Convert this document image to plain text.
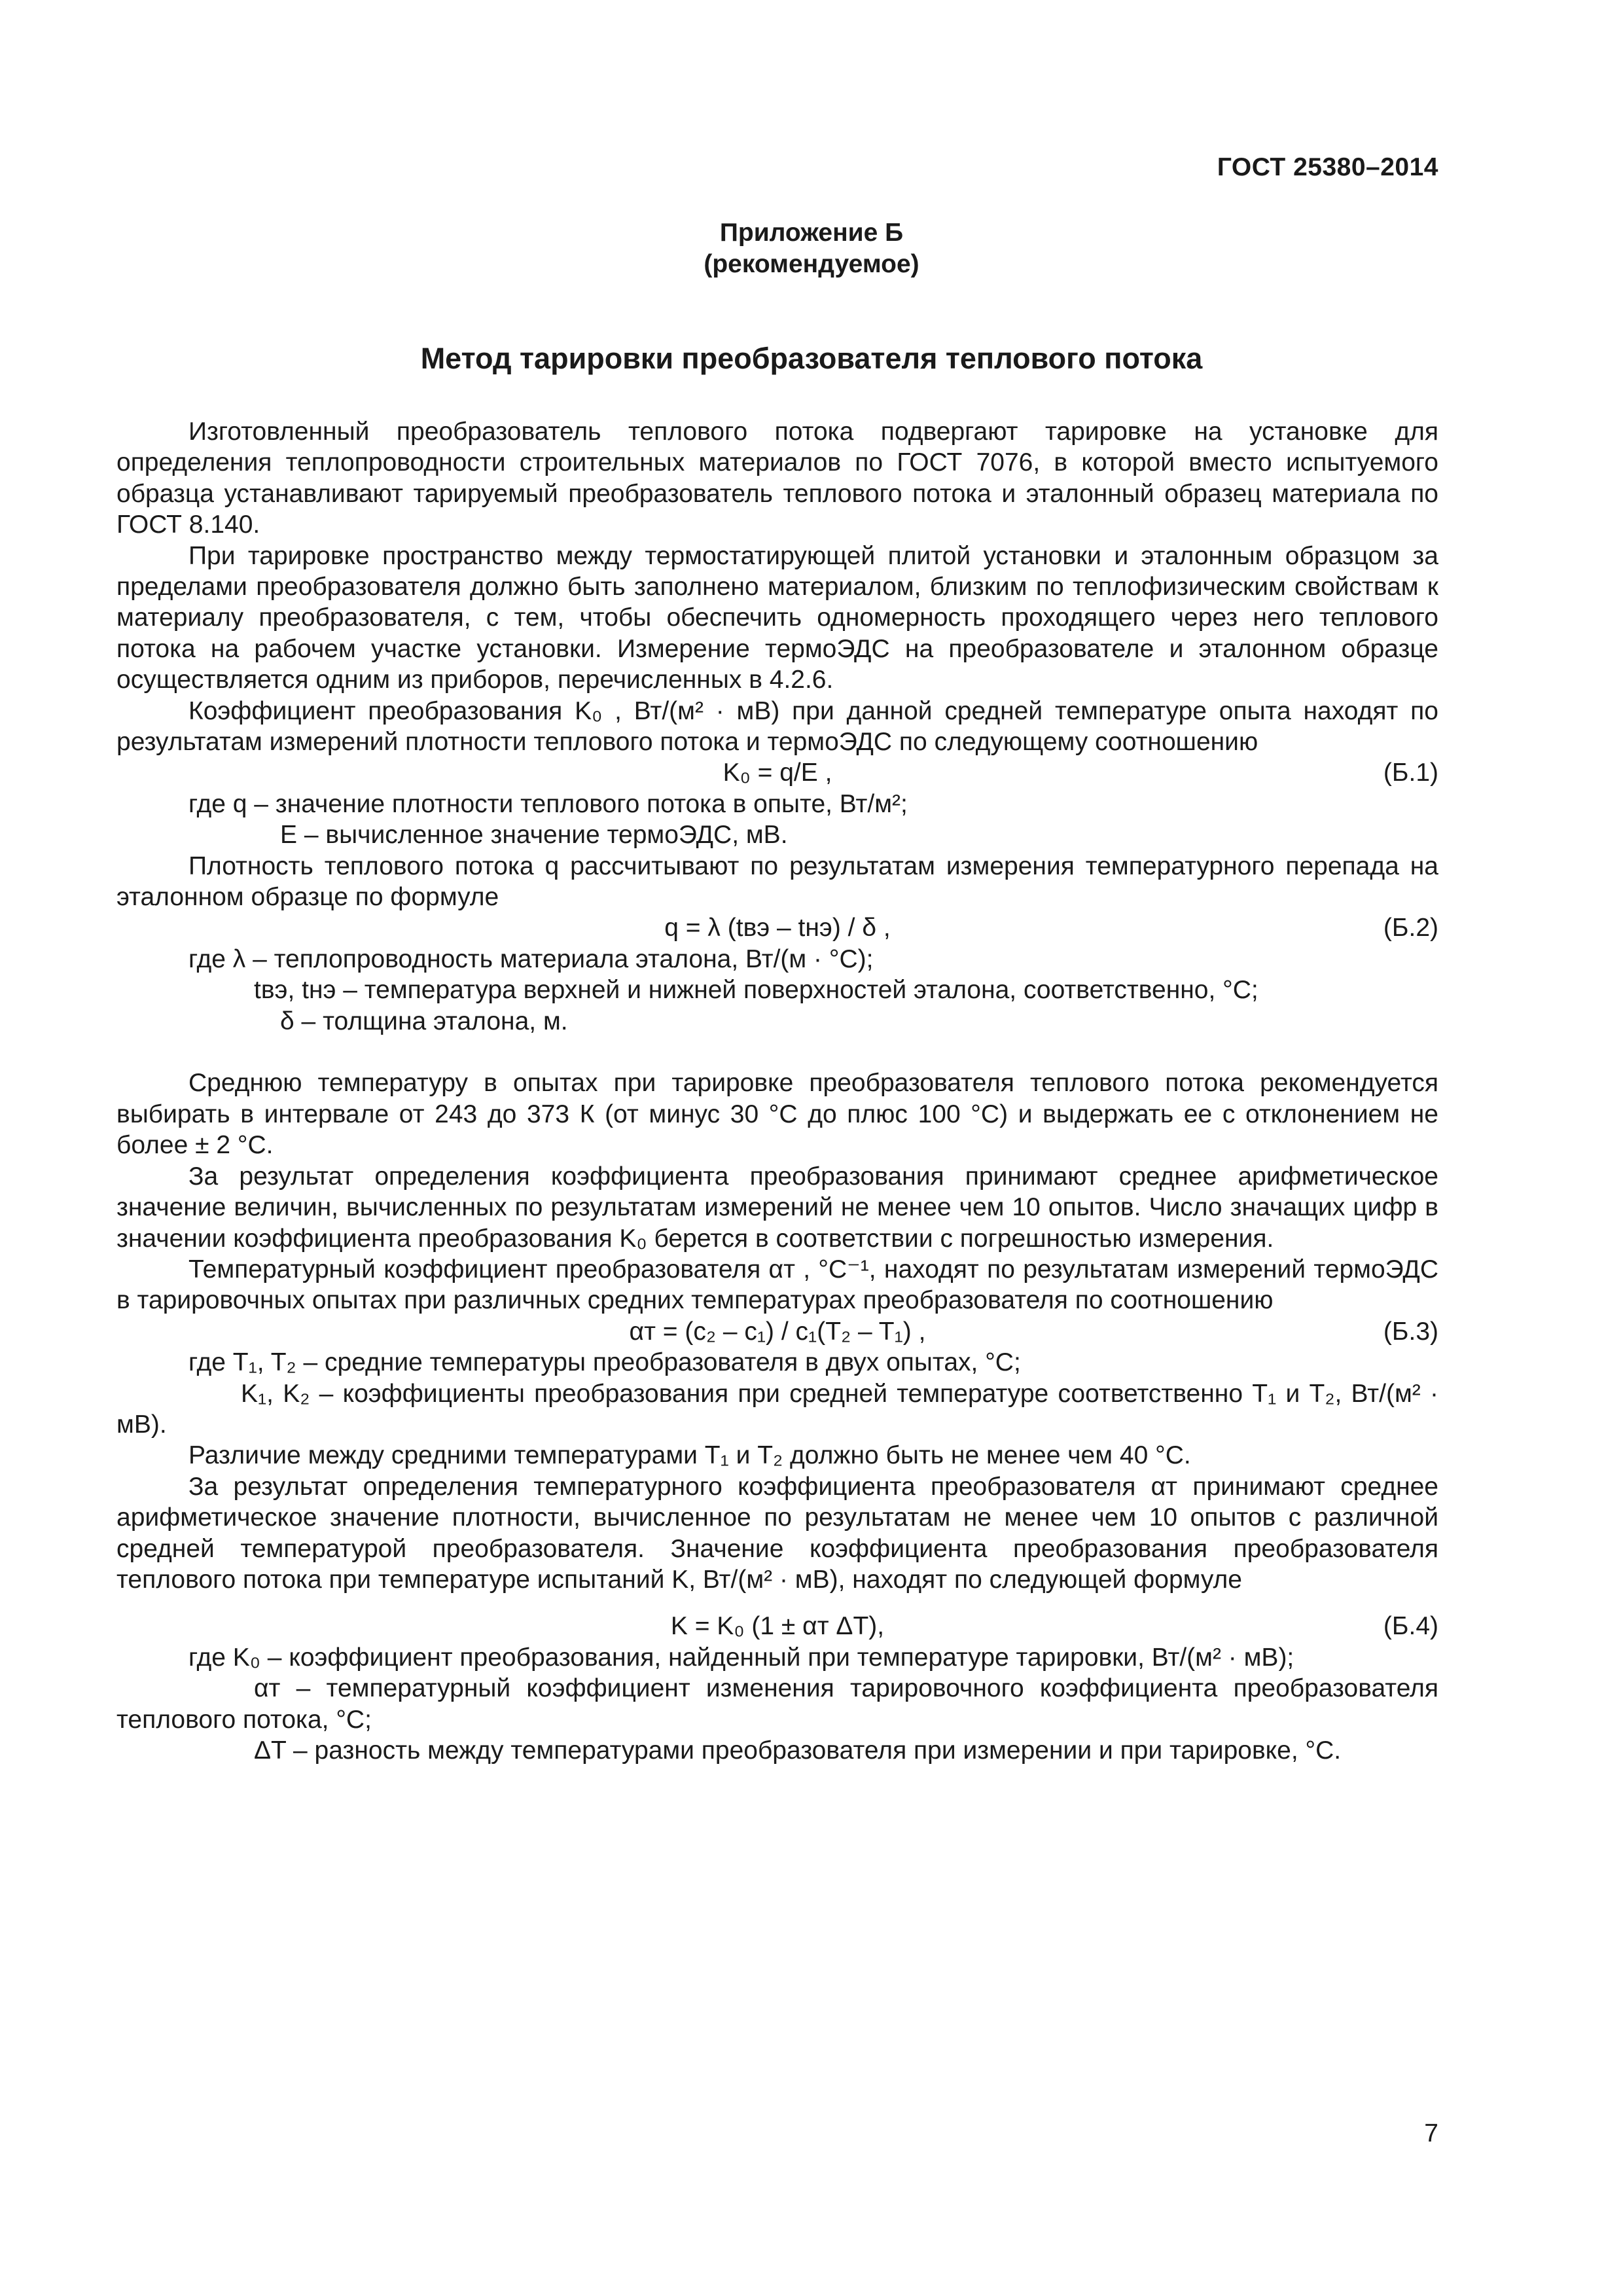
ГОСТ 25380–2014
Приложение Б
(рекомендуемое)
Метод тарировки преобразователя теплового потока

Изготовленный преобразователь теплового потока подвергают тарировке на установке для определения теплопроводности строительных материалов по ГОСТ 7076, в которой вместо испытуемого образца устанавливают тарируемый преобразователь теплового потока и эталонный образец материала по ГОСТ 8.140.

При тарировке пространство между термостатирующей плитой установки и эталонным образцом за пределами преобразователя должно быть заполнено материалом, близким по теплофизическим свойствам к материалу преобразователя, с тем, чтобы обеспечить одномерность проходящего через него теплового потока на рабочем участке установки. Измерение термоЭДС на преобразователе и эталонном образце осуществляется одним из приборов, перечисленных в 4.2.6.

Коэффициент преобразования K₀ , Вт/(м² · мВ) при данной средней температуре опыта находят по результатам измерений плотности теплового потока и термоЭДС по следующему соотношению

K₀ = q/E ,	(Б.1)

где q – значение плотности теплового потока в опыте, Вт/м²;

E – вычисленное значение термоЭДС, мВ.

Плотность теплового потока q рассчитывают по результатам измерения температурного перепада на эталонном образце по формуле

q = λ (tвэ – tнэ) / δ ,	(Б.2)

где λ – теплопроводность материала эталона, Вт/(м · °С);

tвэ, tнэ – температура верхней и нижней поверхностей эталона, соответственно, °С;

δ – толщина эталона, м.

Среднюю температуру в опытах при тарировке преобразователя теплового потока рекомендуется выбирать в интервале от 243 до 373 К (от минус 30 °С до плюс 100 °С) и выдержать ее с отклонением не более ± 2 °С.

За результат определения коэффициента преобразования принимают среднее арифметическое значение величин, вычисленных по результатам измерений не менее чем 10 опытов. Число значащих цифр в значении коэффициента преобразования K₀ берется в соответствии с погрешностью измерения.

Температурный коэффициент преобразователя αт , °С⁻¹, находят по результатам измерений термоЭДС в тарировочных опытах при различных средних температурах преобразователя по соотношению

αт = (c₂ – c₁) / c₁(T₂ – T₁) ,	(Б.3)

где T₁, T₂ – средние температуры преобразователя в двух опытах, °С;

K₁, K₂ – коэффициенты преобразования при средней температуре соответственно T₁ и T₂, Вт/(м² · мВ).

Различие между средними температурами T₁ и T₂ должно быть не менее чем 40 °С.

За результат определения температурного коэффициента преобразователя αт принимают среднее арифметическое значение плотности, вычисленное по результатам не менее чем 10 опытов с различной средней температурой преобразователя. Значение коэффициента преобразования преобразователя теплового потока при температуре испытаний K, Вт/(м² · мВ), находят по следующей формуле

K = K₀ (1 ± αт ΔT),	(Б.4)

где K₀ – коэффициент преобразования, найденный при температуре тарировки, Вт/(м² · мВ);

αт – температурный коэффициент изменения тарировочного коэффициента преобразователя теплового потока, °С;

ΔT – разность между температурами преобразователя при измерении и при тарировке, °С.

7
